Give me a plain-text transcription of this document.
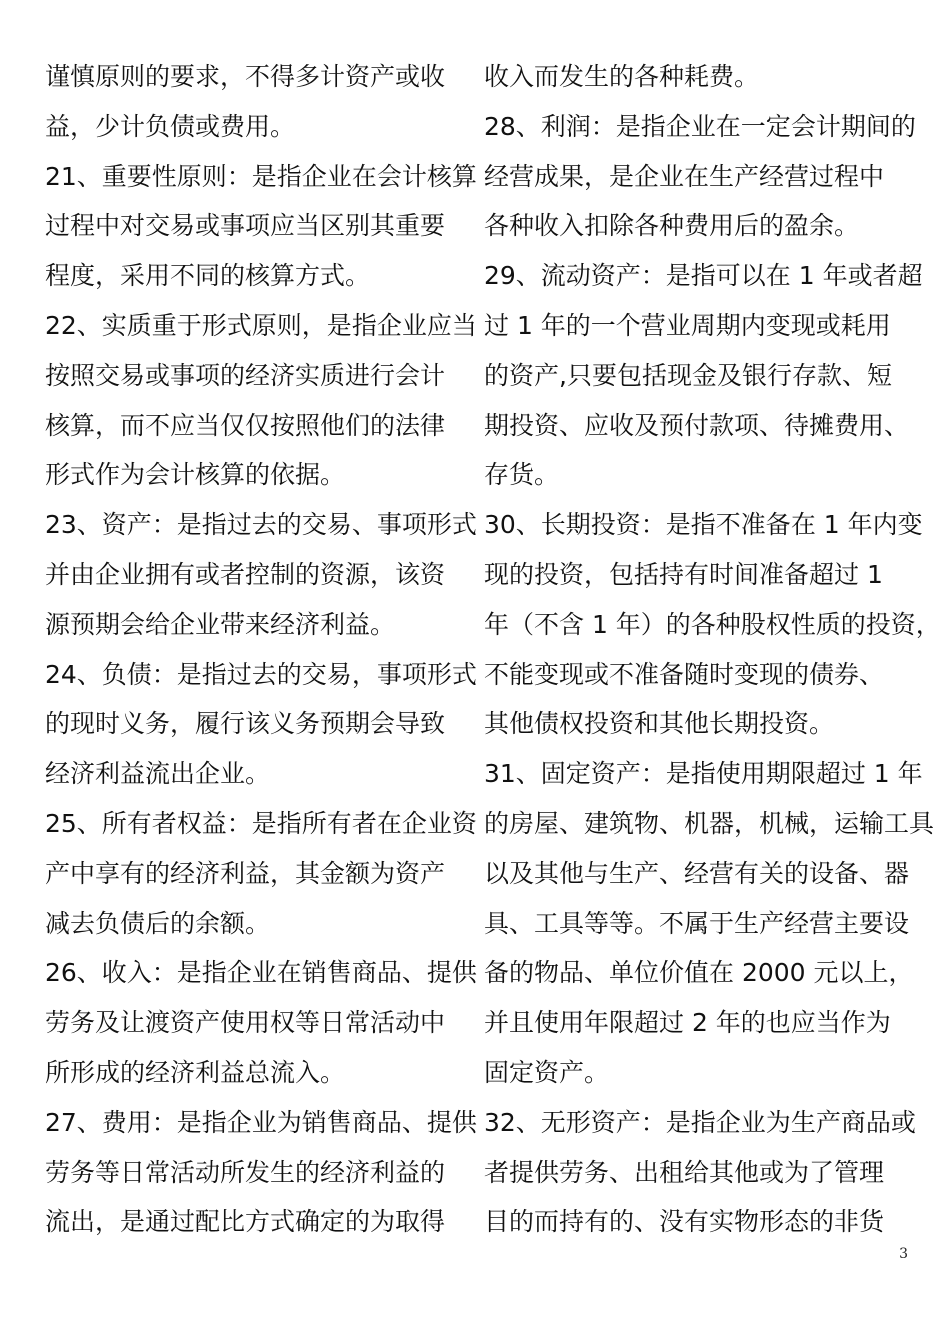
谨慎原则的要求，不得多计资产或收
益，少计负债或费用。
21、重要性原则：是指企业在会计核算
过程中对交易或事项应当区别其重要
程度，采用不同的核算方式。
22、实质重于形式原则，是指企业应当
按照交易或事项的经济实质进行会计
核算，而不应当仅仅按照他们的法律
形式作为会计核算的依据。
23、资产：是指过去的交易、事项形式
并由企业拥有或者控制的资源，该资
源预期会给企业带来经济利益。
24、负债：是指过去的交易，事项形式
的现时义务，履行该义务预期会导致
经济利益流出企业。
25、所有者权益：是指所有者在企业资
产中享有的经济利益，其金额为资产
减去负债后的余额。
26、收入：是指企业在销售商品、提供
劳务及让渡资产使用权等日常活动中
所形成的经济利益总流入。
27、费用：是指企业为销售商品、提供
劳务等日常活动所发生的经济利益的
流出，是通过配比方式确定的为取得
收入而发生的各种耗费。
28、利润：是指企业在一定会计期间的
经营成果，是企业在生产经营过程中
各种收入扣除各种费用后的盈余。
29、流动资产：是指可以在 1 年或者超
过 1 年的一个营业周期内变现或耗用
的资产,只要包括现金及银行存款、短
期投资、应收及预付款项、待摊费用、
存货。
30、长期投资：是指不准备在 1 年内变
现的投资，包括持有时间准备超过 1
年（不含 1 年）的各种股权性质的投资，
不能变现或不准备随时变现的债券、
其他债权投资和其他长期投资。
31、固定资产：是指使用期限超过 1 年
的房屋、建筑物、机器，机械，运输工具
以及其他与生产、经营有关的设备、器
具、工具等等。不属于生产经营主要设
备的物品、单位价值在 2000 元以上，
并且使用年限超过 2 年的也应当作为
固定资产。
32、无形资产：是指企业为生产商品或
者提供劳务、出租给其他或为了管理
目的而持有的、没有实物形态的非货
3
